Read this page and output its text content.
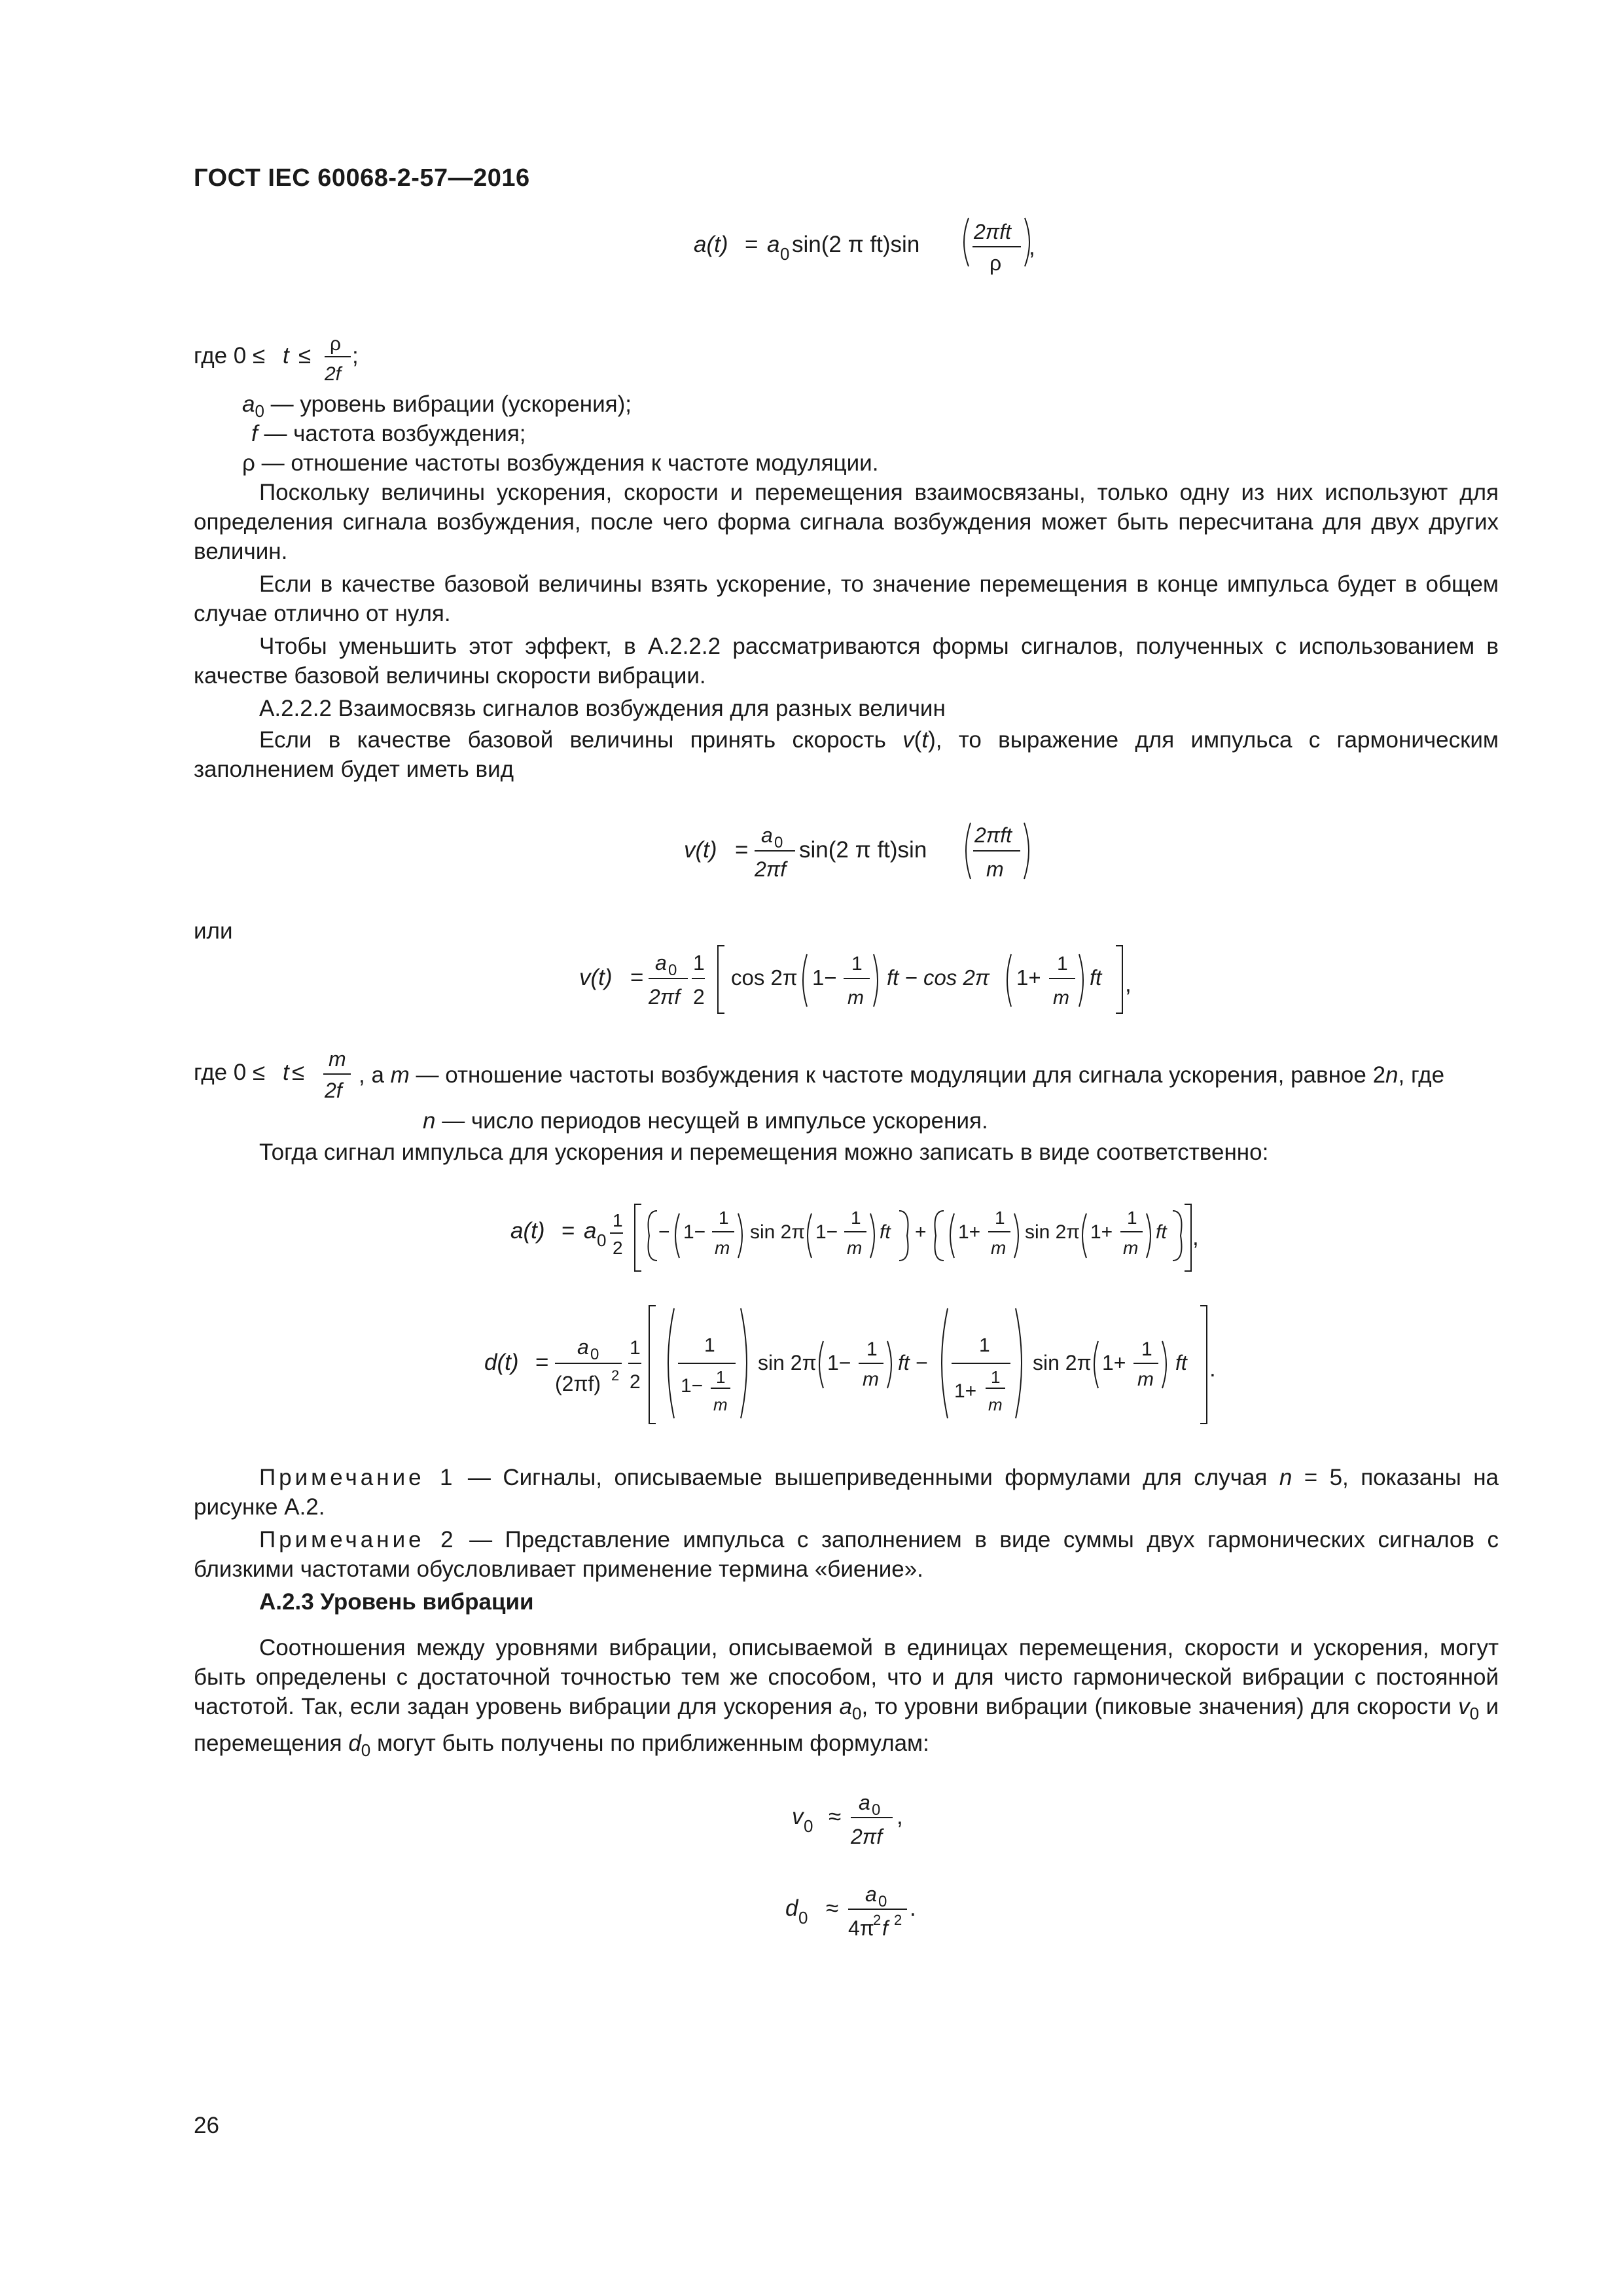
ГОСТ IEC 60068-2-57—2016
a(t) = a 0 sin(2 π ft)sin	2πft
ρ
,
где 0 ≤ t ≤ ρ
2f
;
$a_0$ — уровень вибрации (ускорения);
f — частота возбуждения;
ρ — отношение частоты возбуждения к частоте модуляции.
Поскольку величины ускорения, скорости и перемещения взаимосвязаны, только одну из них используют для определения сигнала возбуждения, после чего форма сигнала возбуждения может быть пересчитана для двух других величин.
Если в качестве базовой величины взять ускорение, то значение перемещения в конце импульса будет в общем случае отлично от нуля.
Чтобы уменьшить этот эффект, в А.2.2.2 рассматриваются формы сигналов, полученных с использованием в качестве базовой величины скорости вибрации.
А.2.2.2 Взаимосвязь сигналов возбуждения для разных величин
Если в качестве базовой величины принять скорость v(t), то выражение для импульса с гармоническим заполнением будет иметь вид
v(t) =
a 0
2πf
sin(2 π ft)sin
2πft
m
или
v(t) =
a 0
2πf
1
2
cos 2π 1−
1
m
ft − cos 2π 1+
1
m
ft ,
где 0 ≤ t ≤
m
2f
, а m — отношение частоты возбуждения к частоте модуляции для сигнала ускорения, равное 2n, где
n — число периодов несущей в импульсе ускорения.
Тогда сигнал импульса для ускорения и перемещения можно записать в виде соответственно:
a(t) = a 0
1
2
− 1−
1
m
sin 2π 1−
1
m
ft + 1+
1
m
sin 2π 1+
1
m
ft ,
d(t) =
a 0
(2πf) 2
1
2
1
1− 1
m
sin 2π 1−
1
m
ft −
1
1+
1
m
sin 2π 1+
1
m
ft .
Примечание 1 — Сигналы, описываемые вышеприведенными формулами для случая n = 5, показаны на рисунке А.2.
Примечание 2 — Представление импульса с заполнением в виде суммы двух гармонических сигналов с близкими частотами обусловливает применение термина «биение».
А.2.3 Уровень вибрации
Соотношения между уровнями вибрации, описываемой в единицах перемещения, скорости и ускорения, могут быть определены с достаточной точностью тем же способом, что и для чисто гармонической вибрации с постоянной частотой. Так, если задан уровень вибрации для ускорения $a_0$, то уровни вибрации (пиковые значения) для скорости $v_0$ и перемещения $d_0$ могут быть получены по приближенным формулам:
v 0 ≈
a 0
2πf
,
d 0 ≈
a 0
4π
2 f 2 .
26
